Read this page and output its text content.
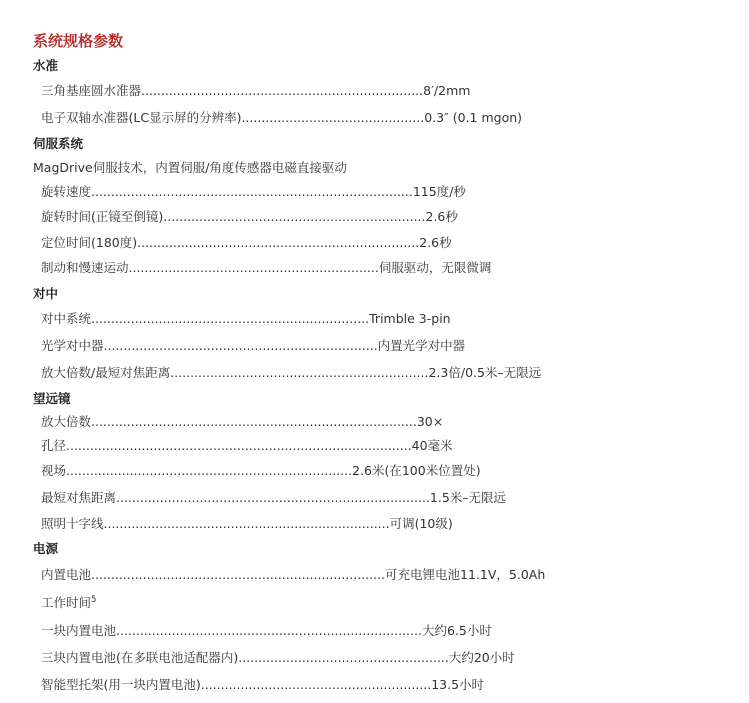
系统规格参数
水准
三角基座圆水准器.......................................................................8′/2mm
电子双轴水准器(LC显示屏的分辨率)..............................................0.3″ (0.1 mgon)
伺服系统
MagDrive伺服技术，内置伺服/角度传感器电磁直接驱动
旋转速度.................................................................................115度/秒
旋转时间(正镜至倒镜)..................................................................2.6秒
定位时间(180度).......................................................................2.6秒
制动和慢速运动...............................................................伺服驱动，无限微调
对中
对中系统......................................................................Trimble 3-pin
光学对中器.....................................................................内置光学对中器
放大倍数/最短对焦距离.................................................................2.3倍/0.5米–无限远
望远镜
放大倍数..................................................................................30×
孔径.......................................................................................40毫米
视场........................................................................2.6米(在100米位置处)
最短对焦距离...............................................................................1.5米–无限远
照明十字线........................................................................可调(10级)
电源
内置电池..........................................................................可充电锂电池11.1V，5.0Ah
工作时间$^5$
一块内置电池.............................................................................大约6.5小时
三块内置电池(在多联电池适配器内).....................................................大约20小时
智能型托架(用一块内置电池)..........................................................13.5小时
